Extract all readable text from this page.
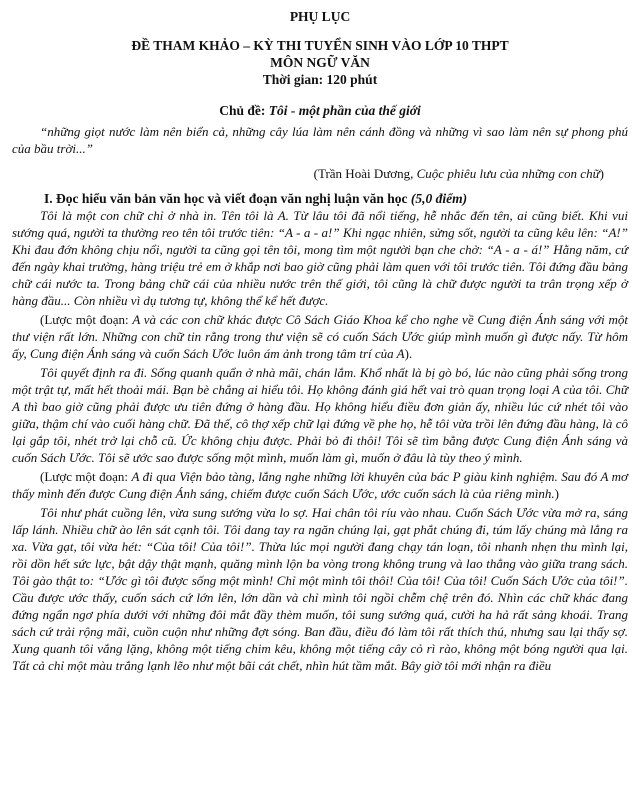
PHỤ LỤC
ĐỀ THAM KHẢO – KỲ THI TUYỂN SINH VÀO LỚP 10 THPT
MÔN NGỮ VĂN
Thời gian: 120 phút
Chủ đề: Tôi - một phần của thế giới

“những giọt nước làm nên biển cả, những cây lúa làm nên cánh đồng và những vì sao làm nên sự phong phú của bầu trời...”

(Trần Hoài Dương, Cuộc phiêu lưu của những con chữ)

I. Đọc hiểu văn bản văn học và viết đoạn văn nghị luận văn học (5,0 điểm)

Tôi là một con chữ chỉ ở nhà in. Tên tôi là A. Từ lâu tôi đã nổi tiếng, hễ nhắc đến tên, ai cũng biết. Khi vui sướng quá, người ta thường reo tên tôi trước tiên: “A - a - a!” Khi ngạc nhiên, sửng sốt, người ta cũng kêu lên: “A!” Khi đau đớn không chịu nổi, người ta cũng gọi tên tôi, mong tìm một người bạn che chở: “A - a - á!” Hằng năm, cứ đến ngày khai trường, hàng triệu trẻ em ở khắp nơi bao giờ cũng phải làm quen với tôi trước tiên. Tôi đứng đầu bảng chữ cái nước ta. Trong bảng chữ cái của nhiều nước trên thế giới, tôi cũng là chữ được người ta trân trọng xếp ở hàng đầu... Còn nhiều vì dụ tương tự, không thể kể hết được.

(Lược một đoạn: A và các con chữ khác được Cô Sách Giáo Khoa kể cho nghe về Cung điện Ánh sáng với một thư viện rất lớn. Những con chữ tin rằng trong thư viện sẽ có cuốn Sách Ước giúp mình muốn gì được nấy. Từ hôm ấy, Cung điện Ánh sáng và cuốn Sách Ước luôn ám ảnh trong tâm trí của A).

Tôi quyết định ra đi. Sống quanh quẩn ở nhà mãi, chán lắm. Khổ nhất là bị gò bó, lúc nào cũng phải sống trong một trật tự, mất hết thoải mái. Bạn bè chẳng ai hiểu tôi. Họ không đánh giá hết vai trò quan trọng loại A của tôi. Chữ A thì bao giờ cũng phải được ưu tiên đứng ở hàng đầu. Họ không hiểu điều đơn giản ấy, nhiều lúc cứ nhét tôi vào giữa, thậm chí vào cuối hàng chữ. Đã thế, cô thợ xếp chữ lại đứng về phe họ, hễ tôi vừa trồi lên đứng đầu hàng, là cô lại gắp tôi, nhét trở lại chỗ cũ. Ức không chịu được. Phải bỏ đi thôi! Tôi sẽ tìm bằng được Cung điện Ánh sáng và cuốn Sách Ước. Tôi sẽ ước sao được sống một mình, muốn làm gì, muốn ở đâu là tùy theo ý mình.

(Lược một đoạn: A đi qua Viện bảo tàng, lắng nghe những lời khuyên của bác P giàu kinh nghiệm. Sau đó A mơ thấy mình đến được Cung điện Ánh sáng, chiếm được cuốn Sách Ước, ước cuốn sách là của riêng mình.)

Tôi như phát cuồng lên, vừa sung sướng vừa lo sợ. Hai chân tôi ríu vào nhau. Cuốn Sách Ước vừa mở ra, sáng lấp lánh. Nhiều chữ ào lên sát cạnh tôi. Tôi dang tay ra ngăn chúng lại, gạt phắt chúng đi, túm lấy chúng mà lẳng ra xa. Vừa gạt, tôi vừa hét: “Của tôi! Của tôi!”. Thừa lúc mọi người đang chạy tán loạn, tôi nhanh nhẹn thu mình lại, rồi dồn hết sức lực, bật dậy thật mạnh, quăng mình lộn ba vòng trong không trung và lao thẳng vào giữa trang sách. Tôi gào thật to: “Ước gì tôi được sống một mình! Chỉ một mình tôi thôi! Của tôi! Của tôi! Cuốn Sách Ước của tôi!”. Cầu được ước thấy, cuốn sách cứ lớn lên, lớn dần và chỉ mình tôi ngồi chễm chệ trên đó. Nhìn các chữ khác đang đứng ngẩn ngơ phía dưới với những đôi mắt đầy thèm muốn, tôi sung sướng quá, cười ha hả rất sảng khoái. Trang sách cứ trải rộng mãi, cuồn cuộn như những đợt sóng. Ban đầu, điều đó làm tôi rất thích thú, nhưng sau lại thấy sợ. Xung quanh tôi vắng lặng, không một tiếng chim kêu, không một tiếng cây cỏ rì rào, không một bóng người qua lại. Tất cả chỉ một màu trắng lạnh lẽo như một bãi cát chết, nhìn hút tầm mắt. Bây giờ tôi mới nhận ra điều
